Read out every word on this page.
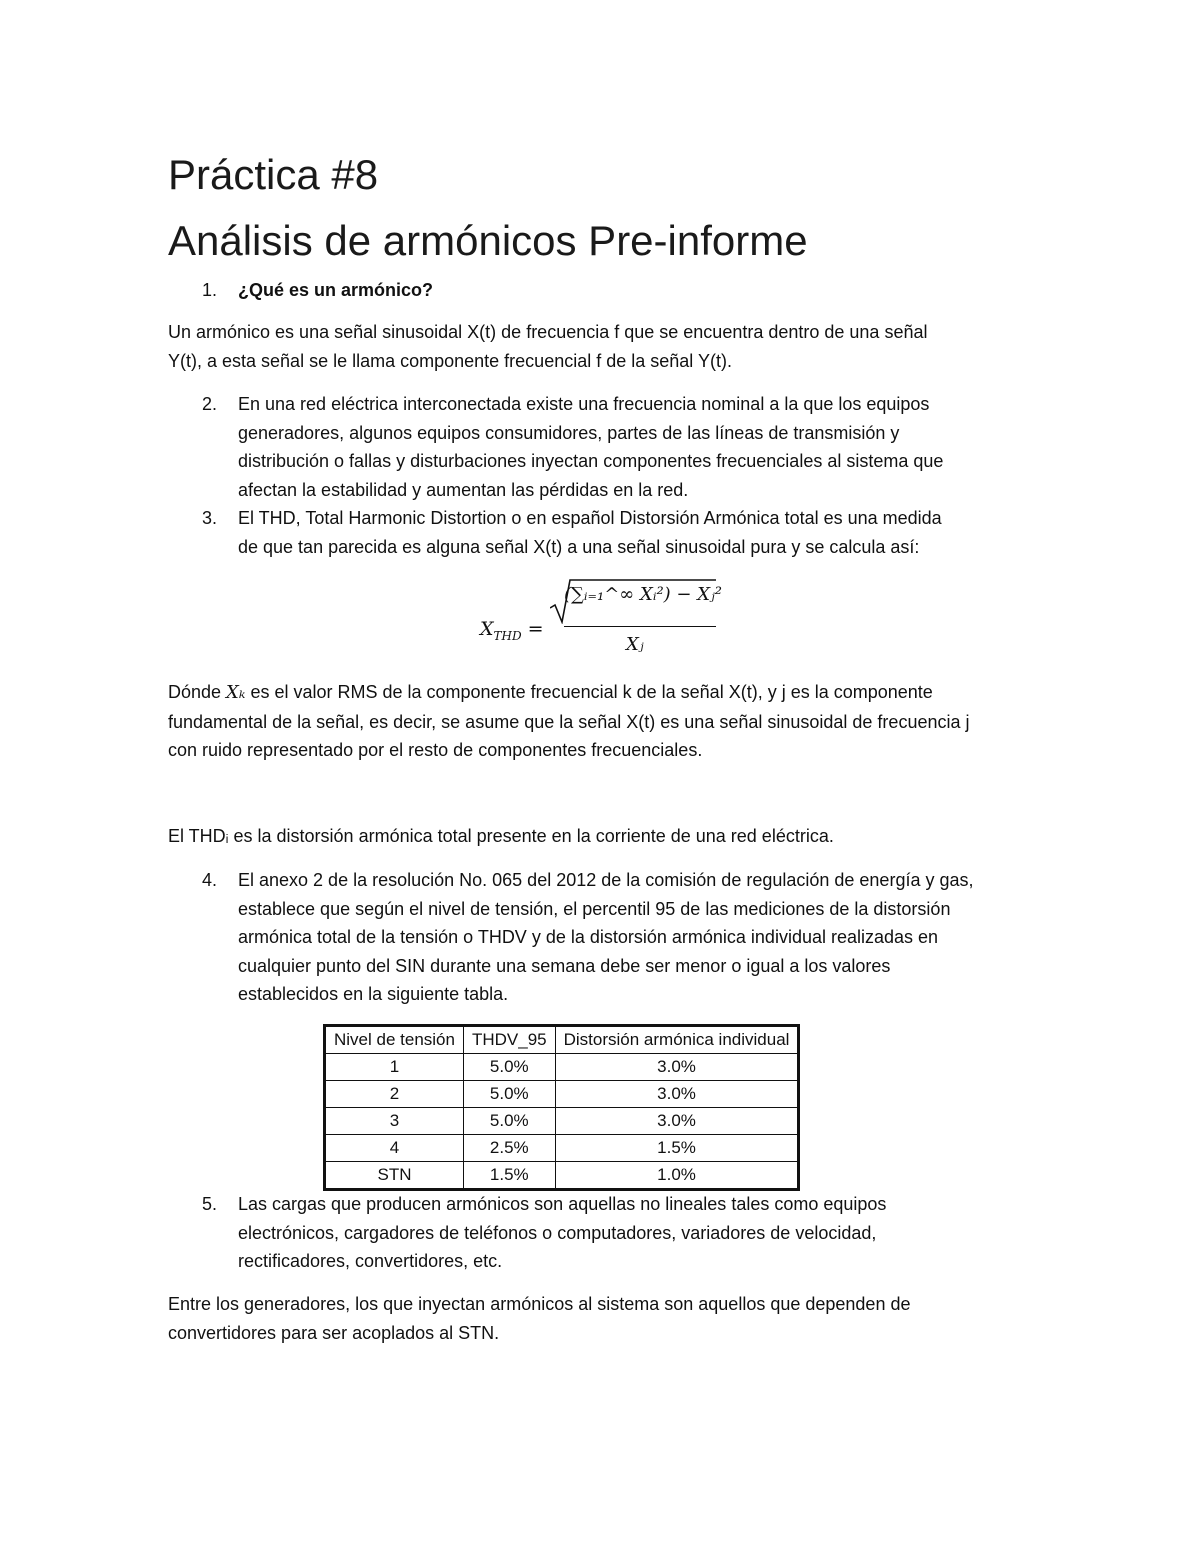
Práctica #8
Análisis de armónicos Pre-informe
1. ¿Qué es un armónico?

Un armónico es una señal sinusoidal X(t) de frecuencia f que se encuentra dentro de una señal
Y(t), a esta señal se le llama componente frecuencial f de la señal Y(t).

2. En una red eléctrica interconectada existe una frecuencia nominal a la que los equipos
generadores, algunos equipos consumidores, partes de las líneas de transmisión y
distribución o fallas y disturbaciones inyectan componentes frecuenciales al sistema que
afectan la estabilidad y aumentan las pérdidas en la red.
3. El THD, Total Harmonic Distortion o en español Distorsión Armónica total es una medida
de que tan parecida es alguna señal X(t) a una señal sinusoidal pura y se calcula así:
$X_{THD}$ =
(∑ᵢ₌₁^∞ Xᵢ²) − Xⱼ²
Xⱼ

Dónde Xₖ es el valor RMS de la componente frecuencial k de la señal X(t), y j es la componente
fundamental de la señal, es decir, se asume que la señal X(t) es una señal sinusoidal de frecuencia j
con ruido representado por el resto de componentes frecuenciales.

El THDᵢ es la distorsión armónica total presente en la corriente de una red eléctrica.

4. El anexo 2 de la resolución No. 065 del 2012 de la comisión de regulación de energía y gas,
establece que según el nivel de tensión, el percentil 95 de las mediciones de la distorsión
armónica total de la tensión o THDV y de la distorsión armónica individual realizadas en
cualquier punto del SIN durante una semana debe ser menor o igual a los valores
establecidos en la siguiente tabla.
Nivel de tensión	THDV_95	Distorsión armónica individual
1	5.0%	3.0%
2	5.0%	3.0%
3	5.0%	3.0%
4	2.5%	1.5%
STN	1.5%	1.0%
5. Las cargas que producen armónicos son aquellas no lineales tales como equipos
electrónicos, cargadores de teléfonos o computadores, variadores de velocidad,
rectificadores, convertidores, etc.

Entre los generadores, los que inyectan armónicos al sistema son aquellos que dependen de
convertidores para ser acoplados al STN.
